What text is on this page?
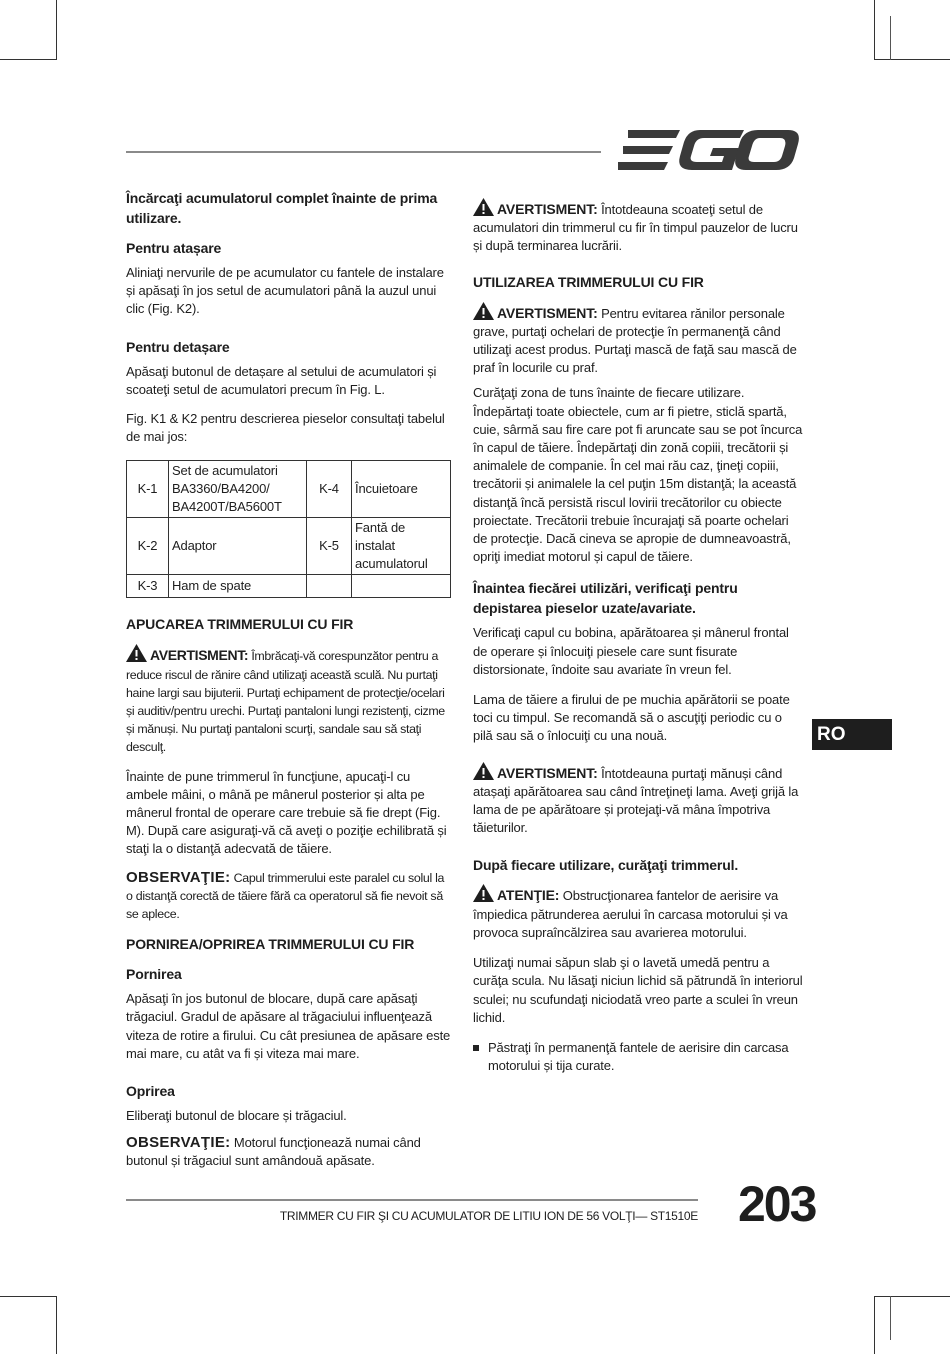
Încărcaţi acumulatorul complet înainte de prima utilizare.

Pentru atașare

Aliniaţi nervurile de pe acumulator cu fantele de instalare și apăsaţi în jos setul de acumulatori până la auzul unui clic (Fig. K2).

Pentru detașare

Apăsaţi butonul de detașare al setului de acumulatori și scoateţi setul de acumulatori precum în Fig. L.

Fig. K1 & K2 pentru descrierea pieselor consultaţi tabelul de mai jos:

K-1	Set de acumulatori BA3360/BA4200/ BA4200T/BA5600T	K-4	Încuietoare
K-2	Adaptor	K-5	Fantă de instalat acumulatorul
K-3	Ham de spate		
APUCAREA TRIMMERULUI CU FIR

AVERTISMENT: Îmbrăcaţi-vă corespunzător pentru a reduce riscul de rănire când utilizaţi această sculă. Nu purtaţi haine largi sau bijuterii. Purtaţi echipament de protecţie/ocelari și auditiv/pentru urechi. Purtaţi pantaloni lungi rezistenţi, cizme și mănuși. Nu purtaţi pantaloni scurţi, sandale sau să staţi desculţ.

Înainte de pune trimmerul în funcţiune, apucaţi-l cu ambele mâini, o mână pe mânerul posterior și alta pe mânerul frontal de operare care trebuie să fie drept (Fig. M). După care asiguraţi-vă că aveţi o poziţie echilibrată și staţi la o distanţă adecvată de tăiere.

OBSERVAŢIE: Capul trimmerului este paralel cu solul la o distanţă corectă de tăiere fără ca operatorul să fie nevoit să se aplece.

PORNIREA/OPRIREA TRIMMERULUI CU FIR
Pornirea

Apăsaţi în jos butonul de blocare, după care apăsaţi trăgaciul. Gradul de apăsare al trăgaciului influenţează viteza de rotire a firului. Cu cât presiunea de apăsare este mai mare, cu atât va fi și viteza mai mare.

Oprirea

Eliberaţi butonul de blocare și trăgaciul.

OBSERVAŢIE: Motorul funcţionează numai când butonul și trăgaciul sunt amândouă apăsate.

AVERTISMENT: Întotdeauna scoateţi setul de acumulatori din trimmerul cu fir în timpul pauzelor de lucru și după terminarea lucrării.

UTILIZAREA TRIMMERULUI CU FIR

AVERTISMENT: Pentru evitarea rănilor personale grave, purtaţi ochelari de protecţie în permanenţă când utilizaţi acest produs. Purtaţi mască de faţă sau mască de praf în locurile cu praf.

Curăţaţi zona de tuns înainte de fiecare utilizare. Îndepărtaţi toate obiectele, cum ar fi pietre, sticlă spartă, cuie, sârmă sau fire care pot fi aruncate sau se pot încurca în capul de tăiere. Îndepărtaţi din zonă copiii, trecătorii și animalele de companie. În cel mai rău caz, ţineţi copiii, trecătorii și animalele la cel puţin 15m distanţă; la această distanţă încă persistă riscul lovirii trecătorilor cu obiecte proiectate. Trecătorii trebuie încurajaţi să poarte ochelari de protecţie. Dacă cineva se apropie de dumneavoastră, opriţi imediat motorul și capul de tăiere.

Înaintea fiecărei utilizări, verificaţi pentru depistarea pieselor uzate/avariate.

Verificaţi capul cu bobina, apărătoarea și mânerul frontal de operare și înlocuiţi piesele care sunt fisurate distorsionate, îndoite sau avariate în vreun fel.

Lama de tăiere a firului de pe muchia apărătorii se poate toci cu timpul. Se recomandă să o ascuţiţi periodic cu o pilă sau să o înlocuiţi cu una nouă.

AVERTISMENT: Întotdeauna purtaţi mănuși când atașaţi apărătoarea sau când întreţineţi lama. Aveţi grijă la lama de pe apărătoare și protejaţi-vă mâna împotriva tăieturilor.

După fiecare utilizare, curăţaţi trimmerul.

ATENŢIE: Obstrucţionarea fantelor de aerisire va împiedica pătrunderea aerului în carcasa motorului și va provoca supraîncălzirea sau avarierea motorului.

Utilizaţi numai săpun slab şi o lavetă umedă pentru a curăţa scula. Nu lăsaţi niciun lichid să pătrundă în interiorul sculei; nu scufundaţi niciodată vreo parte a sculei în vreun lichid.

Păstraţi în permanenţă fantele de aerisire din carcasa motorului și tija curate.
RO
TRIMMER CU FIR ŞI CU ACUMULATOR DE LITIU ION DE 56 VOLŢI— ST1510E 203
